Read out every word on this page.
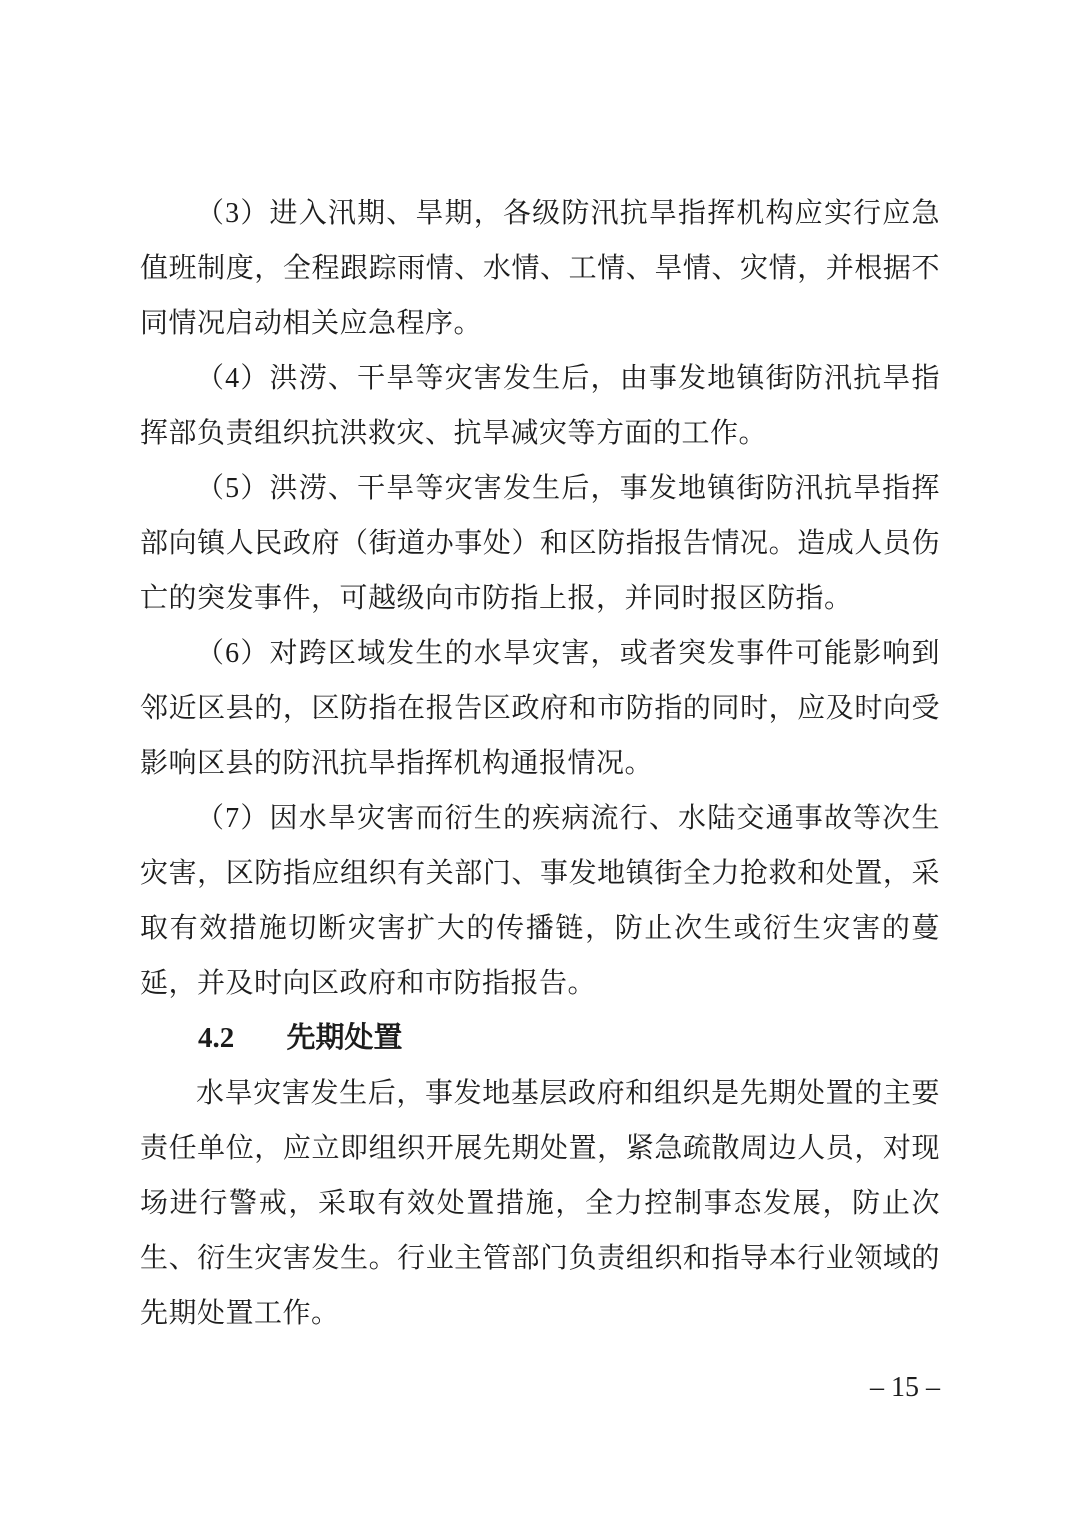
（3）进入汛期、旱期，各级防汛抗旱指挥机构应实行应急值班制度，全程跟踪雨情、水情、工情、旱情、灾情，并根据不同情况启动相关应急程序。

（4）洪涝、干旱等灾害发生后，由事发地镇街防汛抗旱指挥部负责组织抗洪救灾、抗旱减灾等方面的工作。

（5）洪涝、干旱等灾害发生后，事发地镇街防汛抗旱指挥部向镇人民政府（街道办事处）和区防指报告情况。造成人员伤亡的突发事件，可越级向市防指上报，并同时报区防指。

（6）对跨区域发生的水旱灾害，或者突发事件可能影响到邻近区县的，区防指在报告区政府和市防指的同时，应及时向受影响区县的防汛抗旱指挥机构通报情况。

（7）因水旱灾害而衍生的疾病流行、水陆交通事故等次生灾害，区防指应组织有关部门、事发地镇街全力抢救和处置，采取有效措施切断灾害扩大的传播链，防止次生或衍生灾害的蔓延，并及时向区政府和市防指报告。

4.2 先期处置

水旱灾害发生后，事发地基层政府和组织是先期处置的主要责任单位，应立即组织开展先期处置，紧急疏散周边人员，对现场进行警戒，采取有效处置措施，全力控制事态发展，防止次生、衍生灾害发生。行业主管部门负责组织和指导本行业领域的先期处置工作。

– 15 –
